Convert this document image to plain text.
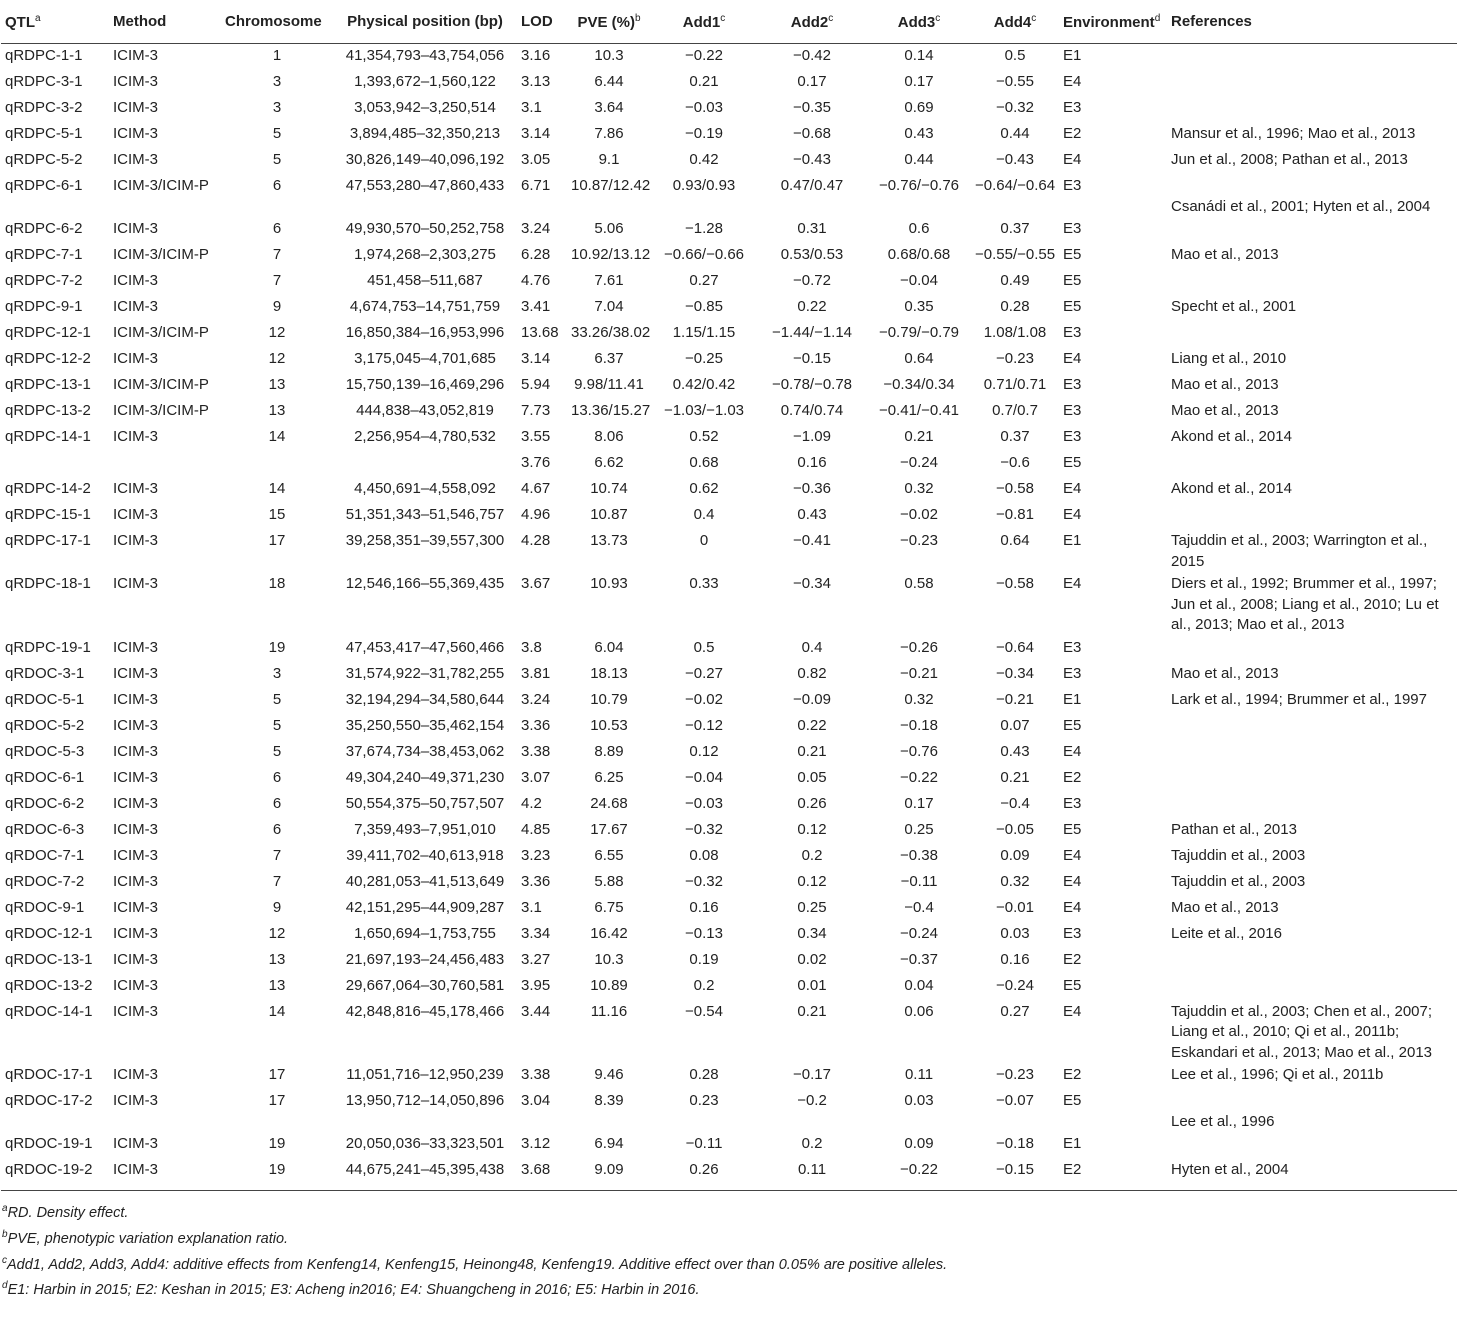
QTL$^a$	Method	Chromosome	Physical position (bp)	LOD	PVE (%)$^b$	Add1$^c$	Add2$^c$	Add3$^c$	Add4$^c$	Environment$^d$	References
qRDPC-1-1	ICIM-3	1	41,354,793–43,754,056	3.16	10.3	−0.22	−0.42	0.14	0.5	E1	
qRDPC-3-1	ICIM-3	3	1,393,672–1,560,122	3.13	6.44	0.21	0.17	0.17	−0.55	E4	
qRDPC-3-2	ICIM-3	3	3,053,942–3,250,514	3.1	3.64	−0.03	−0.35	0.69	−0.32	E3	
qRDPC-5-1	ICIM-3	5	3,894,485–32,350,213	3.14	7.86	−0.19	−0.68	0.43	0.44	E2	Mansur et al., 1996; Mao et al., 2013
qRDPC-5-2	ICIM-3	5	30,826,149–40,096,192	3.05	9.1	0.42	−0.43	0.44	−0.43	E4	Jun et al., 2008; Pathan et al., 2013
qRDPC-6-1	ICIM-3/ICIM-P	6	47,553,280–47,860,433	6.71	10.87/12.42	0.93/0.93	0.47/0.47	−0.76/−0.76	−0.64/−0.64	E3	Csanádi et al., 2001; Hyten et al., 2004
qRDPC-6-2	ICIM-3	6	49,930,570–50,252,758	3.24	5.06	−1.28	0.31	0.6	0.37	E3	
qRDPC-7-1	ICIM-3/ICIM-P	7	1,974,268–2,303,275	6.28	10.92/13.12	−0.66/−0.66	0.53/0.53	0.68/0.68	−0.55/−0.55	E5	Mao et al., 2013
qRDPC-7-2	ICIM-3	7	451,458–511,687	4.76	7.61	0.27	−0.72	−0.04	0.49	E5	
qRDPC-9-1	ICIM-3	9	4,674,753–14,751,759	3.41	7.04	−0.85	0.22	0.35	0.28	E5	Specht et al., 2001
qRDPC-12-1	ICIM-3/ICIM-P	12	16,850,384–16,953,996	13.68	33.26/38.02	1.15/1.15	−1.44/−1.14	−0.79/−0.79	1.08/1.08	E3	
qRDPC-12-2	ICIM-3	12	3,175,045–4,701,685	3.14	6.37	−0.25	−0.15	0.64	−0.23	E4	Liang et al., 2010
qRDPC-13-1	ICIM-3/ICIM-P	13	15,750,139–16,469,296	5.94	9.98/11.41	0.42/0.42	−0.78/−0.78	−0.34/0.34	0.71/0.71	E3	Mao et al., 2013
qRDPC-13-2	ICIM-3/ICIM-P	13	444,838–43,052,819	7.73	13.36/15.27	−1.03/−1.03	0.74/0.74	−0.41/−0.41	0.7/0.7	E3	Mao et al., 2013
qRDPC-14-1	ICIM-3	14	2,256,954–4,780,532	3.55	8.06	0.52	−1.09	0.21	0.37	E3	Akond et al., 2014
				3.76	6.62	0.68	0.16	−0.24	−0.6	E5	
qRDPC-14-2	ICIM-3	14	4,450,691–4,558,092	4.67	10.74	0.62	−0.36	0.32	−0.58	E4	Akond et al., 2014
qRDPC-15-1	ICIM-3	15	51,351,343–51,546,757	4.96	10.87	0.4	0.43	−0.02	−0.81	E4	
qRDPC-17-1	ICIM-3	17	39,258,351–39,557,300	4.28	13.73	0	−0.41	−0.23	0.64	E1	Tajuddin et al., 2003; Warrington et al., 2015
qRDPC-18-1	ICIM-3	18	12,546,166–55,369,435	3.67	10.93	0.33	−0.34	0.58	−0.58	E4	Diers et al., 1992; Brummer et al., 1997; Jun et al., 2008; Liang et al., 2010; Lu et al., 2013; Mao et al., 2013
qRDPC-19-1	ICIM-3	19	47,453,417–47,560,466	3.8	6.04	0.5	0.4	−0.26	−0.64	E3	
qRDOC-3-1	ICIM-3	3	31,574,922–31,782,255	3.81	18.13	−0.27	0.82	−0.21	−0.34	E3	Mao et al., 2013
qRDOC-5-1	ICIM-3	5	32,194,294–34,580,644	3.24	10.79	−0.02	−0.09	0.32	−0.21	E1	Lark et al., 1994; Brummer et al., 1997
qRDOC-5-2	ICIM-3	5	35,250,550–35,462,154	3.36	10.53	−0.12	0.22	−0.18	0.07	E5	
qRDOC-5-3	ICIM-3	5	37,674,734–38,453,062	3.38	8.89	0.12	0.21	−0.76	0.43	E4	
qRDOC-6-1	ICIM-3	6	49,304,240–49,371,230	3.07	6.25	−0.04	0.05	−0.22	0.21	E2	
qRDOC-6-2	ICIM-3	6	50,554,375–50,757,507	4.2	24.68	−0.03	0.26	0.17	−0.4	E3	
qRDOC-6-3	ICIM-3	6	7,359,493–7,951,010	4.85	17.67	−0.32	0.12	0.25	−0.05	E5	Pathan et al., 2013
qRDOC-7-1	ICIM-3	7	39,411,702–40,613,918	3.23	6.55	0.08	0.2	−0.38	0.09	E4	Tajuddin et al., 2003
qRDOC-7-2	ICIM-3	7	40,281,053–41,513,649	3.36	5.88	−0.32	0.12	−0.11	0.32	E4	Tajuddin et al., 2003
qRDOC-9-1	ICIM-3	9	42,151,295–44,909,287	3.1	6.75	0.16	0.25	−0.4	−0.01	E4	Mao et al., 2013
qRDOC-12-1	ICIM-3	12	1,650,694–1,753,755	3.34	16.42	−0.13	0.34	−0.24	0.03	E3	Leite et al., 2016
qRDOC-13-1	ICIM-3	13	21,697,193–24,456,483	3.27	10.3	0.19	0.02	−0.37	0.16	E2	
qRDOC-13-2	ICIM-3	13	29,667,064–30,760,581	3.95	10.89	0.2	0.01	0.04	−0.24	E5	
qRDOC-14-1	ICIM-3	14	42,848,816–45,178,466	3.44	11.16	−0.54	0.21	0.06	0.27	E4	Tajuddin et al., 2003; Chen et al., 2007; Liang et al., 2010; Qi et al., 2011b; Eskandari et al., 2013; Mao et al., 2013
qRDOC-17-1	ICIM-3	17	11,051,716–12,950,239	3.38	9.46	0.28	−0.17	0.11	−0.23	E2	Lee et al., 1996; Qi et al., 2011b
qRDOC-17-2	ICIM-3	17	13,950,712–14,050,896	3.04	8.39	0.23	−0.2	0.03	−0.07	E5	Lee et al., 1996
qRDOC-19-1	ICIM-3	19	20,050,036–33,323,501	3.12	6.94	−0.11	0.2	0.09	−0.18	E1	
qRDOC-19-2	ICIM-3	19	44,675,241–45,395,438	3.68	9.09	0.26	0.11	−0.22	−0.15	E2	Hyten et al., 2004
$^a$RD. Density effect.
$^b$PVE, phenotypic variation explanation ratio.
$^c$Add1, Add2, Add3, Add4: additive effects from Kenfeng14, Kenfeng15, Heinong48, Kenfeng19. Additive effect over than 0.05% are positive alleles.
$^d$E1: Harbin in 2015; E2: Keshan in 2015; E3: Acheng in2016; E4: Shuangcheng in 2016; E5: Harbin in 2016.
